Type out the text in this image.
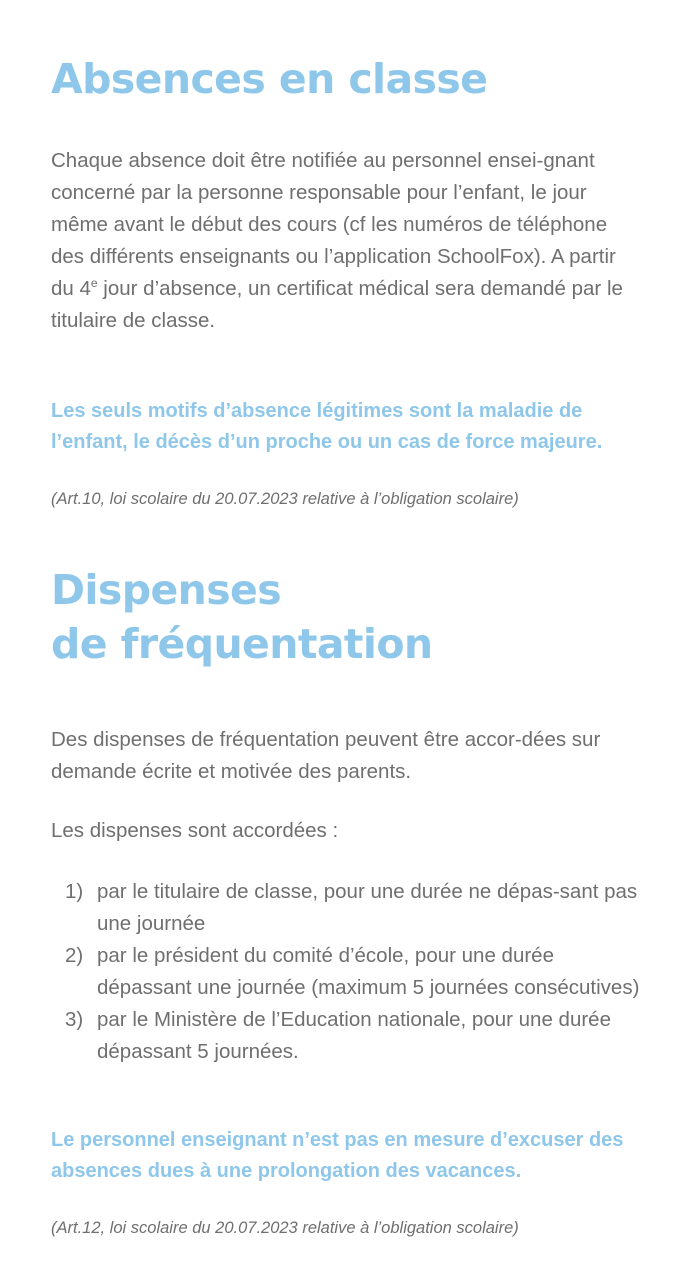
Absences en classe

Chaque absence doit être notifiée au personnel ensei-gnant concerné par la personne responsable pour l’enfant, le jour même avant le début des cours (cf les numéros de téléphone des différents enseignants ou l’application SchoolFox). A partir du 4e jour d’absence, un certificat médical sera demandé par le titulaire de classe.

Les seuls motifs d’absence légitimes sont la maladie de l’enfant, le décès d’un proche ou un cas de force majeure.

(Art.10, loi scolaire du 20.07.2023 relative à l’obligation scolaire)

Dispenses
de fréquentation

Des dispenses de fréquentation peuvent être accor-dées sur demande écrite et motivée des parents.

Les dispenses sont accordées :

1) par le titulaire de classe, pour une durée ne dépas-sant pas une journée
2) par le président du comité d’école, pour une durée dépassant une journée (maximum 5 journées consécutives)
3) par le Ministère de l’Education nationale, pour une durée dépassant 5 journées.

Le personnel enseignant n’est pas en mesure d’excuser des absences dues à une prolongation des vacances.

(Art.12, loi scolaire du 20.07.2023 relative à l’obligation scolaire)
